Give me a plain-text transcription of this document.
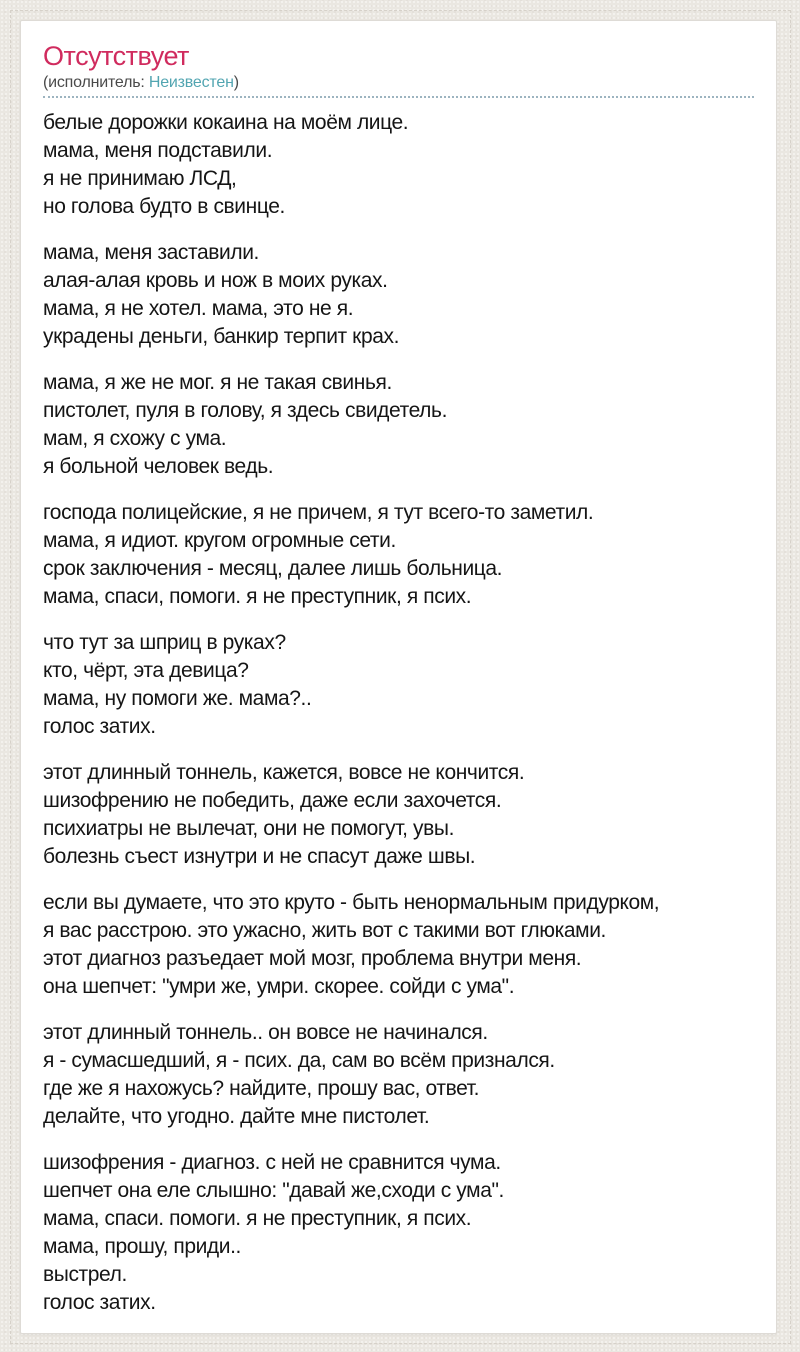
Отсутствует
(исполнитель: Неизвестен)

белые дорожки кокаина на моём лице.
мама, меня подставили.
я не принимаю ЛСД,
но голова будто в свинце.

мама, меня заставили.
алая-алая кровь и нож в моих руках.
мама, я не хотел. мама, это не я.
украдены деньги, банкир терпит крах.

мама, я же не мог. я не такая свинья.
пистолет, пуля в голову, я здесь свидетель.
мам, я схожу с ума.
я больной человек ведь.

господа полицейские, я не причем, я тут всего-то заметил.
мама, я идиот. кругом огромные сети.
срок заключения - месяц, далее лишь больница.
мама, спаси, помоги. я не преступник, я псих.

что тут за шприц в руках?
кто, чёрт, эта девица?
мама, ну помоги же. мама?..
голос затих.

этот длинный тоннель, кажется, вовсе не кончится.
шизофрению не победить, даже если захочется.
психиатры не вылечат, они не помогут, увы.
болезнь съест изнутри и не спасут даже швы.

если вы думаете, что это круто - быть ненормальным придурком,
я вас расстрою. это ужасно, жить вот с такими вот глюками.
этот диагноз разъедает мой мозг, проблема внутри меня.
она шепчет: "умри же, умри. скорее. сойди с ума".

этот длинный тоннель.. он вовсе не начинался.
я - сумасшедший, я - псих. да, сам во всём признался.
где же я нахожусь? найдите, прошу вас, ответ.
делайте, что угодно. дайте мне пистолет.

шизофрения - диагноз. с ней не сравнится чума.
шепчет она еле слышно: "давай же,сходи с ума".
мама, спаси. помоги. я не преступник, я псих.
мама, прошу, приди..
выстрел.
голос затих.
